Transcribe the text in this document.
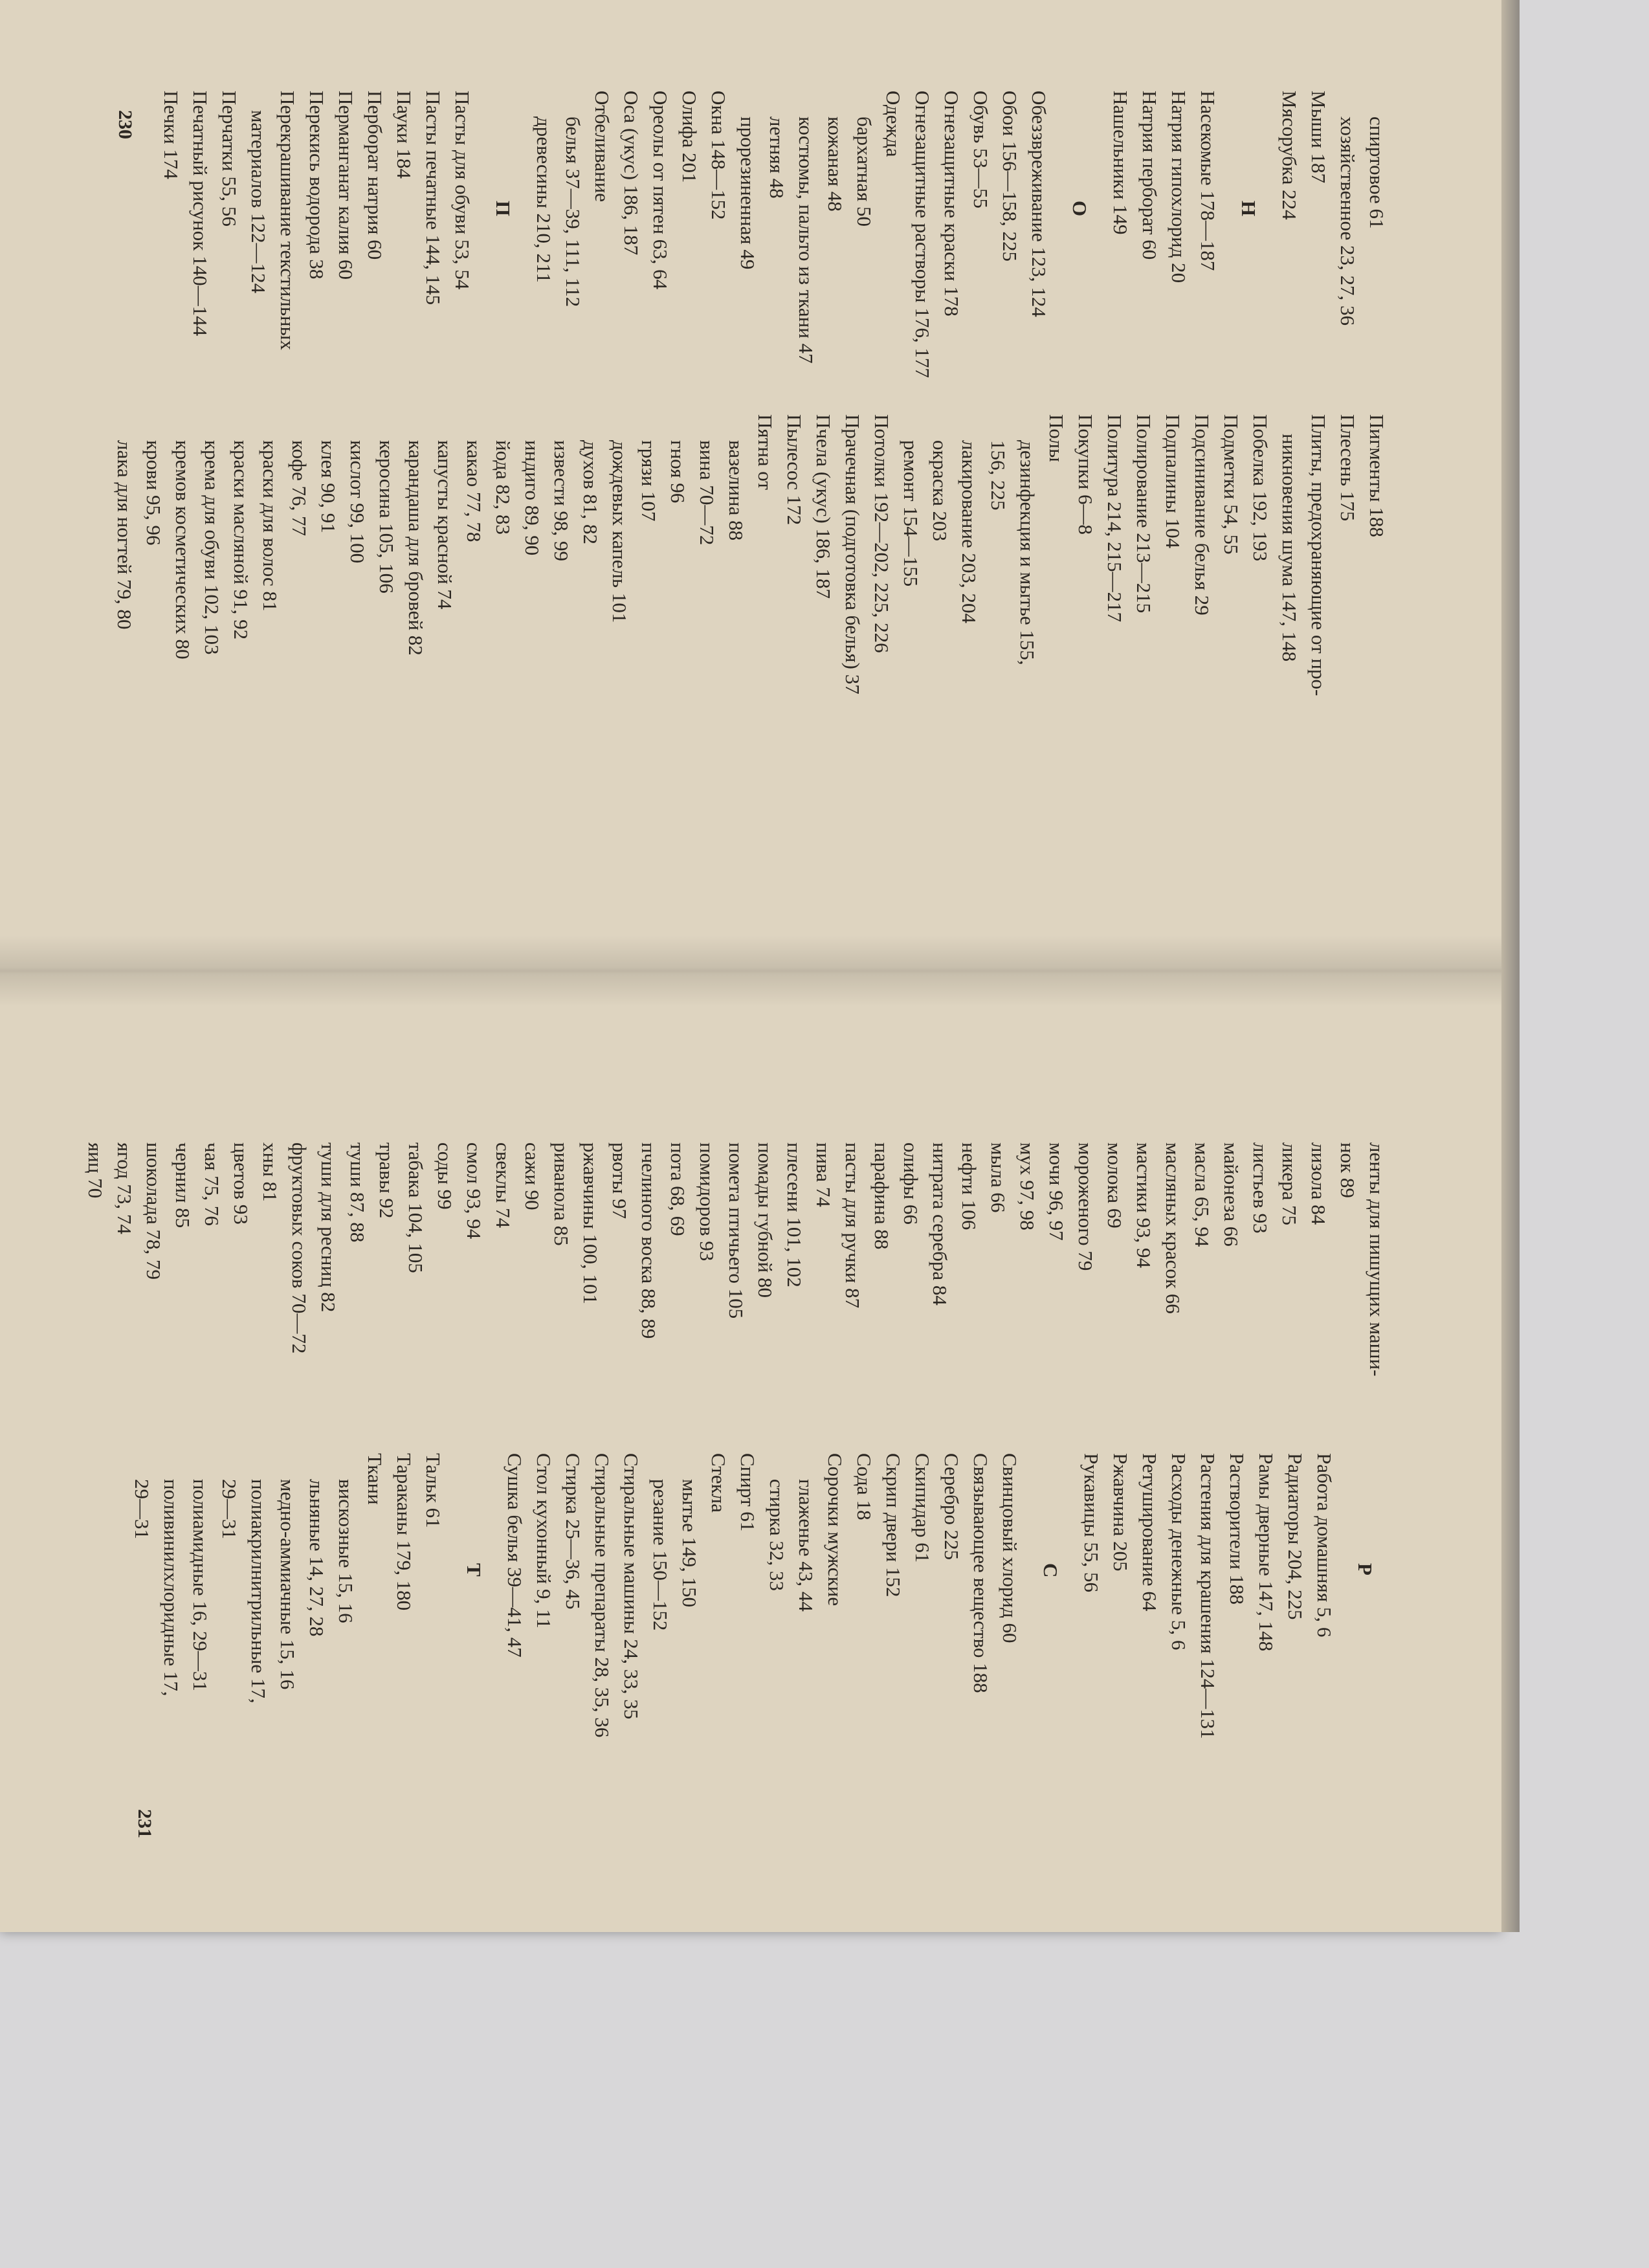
спиртовое 61
хозяйственное 23, 27, 36
Мыши 187
Мясорубка 224
Н
Насекомые 178—187
Натрия гипохлорид 20
Натрия перборат 60
Нашельники 149
О
Обеззвреживание 123, 124
Обои 156—158, 225
Обувь 53—55
Огнезащитные краски 178
Огнезащитные растворы 176, 177
Одежда
бархатная 50
кожаная 48
костюмы, пальто из ткани 47
летняя 48
прорезиненная 49
Окна 148—152
Олифа 201
Ореолы от пятен 63, 64
Оса (укус) 186, 187
Отбеливание
белья 37—39, 111, 112
древесины 210, 211
П
Пасты для обуви 53, 54
Пасты печатные 144, 145
Пауки 184
Перборат натрия 60
Перманганат калия 60
Перекись водорода 38
Перекрашивание текстильных
материалов 122—124
Перчатки 55, 56
Печатный рисунок 140—144
Печки 174
Пигменты 188
Плесень 175
Плиты, предохраняющие от про-
никновения шума 147, 148
Побелка 192, 193
Подметки 54, 55
Подсинивание белья 29
Подпалины 104
Полирование 213—215
Политура 214, 215—217
Покупки 6—8
Полы
дезинфекция и мытье 155,
156, 225
лакирование 203, 204
окраска 203
ремонт 154—155
Потолки 192—202, 225, 226
Прачечная (подготовка белья) 37
Пчела (укус) 186, 187
Пылесос 172
Пятна от
вазелина 88
вина 70—72
гноя 96
грязи 107
дождевых капель 101
духов 81, 82
извести 98, 99
индиго 89, 90
йода 82, 83
какао 77, 78
капусты красной 74
карандаша для бровей 82
керосина 105, 106
кислот 99, 100
клея 90, 91
кофе 76, 77
краски для волос 81
краски масляной 91, 92
крема для обуви 102, 103
кремов косметических 80
крови 95, 96
лака для ногтей 79, 80
230
ленты для пишущих маши-
нок 89
лизола 84
ликера 75
листьев 93
майонеза 66
масла 65, 94
масляных красок 66
мастики 93, 94
молока 69
мороженого 79
мочи 96, 97
мух 97, 98
мыла 66
нефти 106
нитрата серебра 84
олифы 66
парафина 88
пасты для ручки 87
пива 74
плесени 101, 102
помады губной 80
помета птичьего 105
помидоров 93
пота 68, 69
пчелиного воска 88, 89
рвоты 97
ржавчины 100, 101
риванола 85
сажи 90
свеклы 74
смол 93, 94
соды 99
табака 104, 105
травы 92
туши 87, 88
туши для ресниц 82
фруктовых соков 70—72
хны 81
цветов 93
чая 75, 76
чернил 85
шоколада 78, 79
ягод 73, 74
яиц 70
Р
Работа домашняя 5, 6
Радиаторы 204, 225
Рамы дверные 147, 148
Растворители 188
Растения для крашения 124—131
Расходы денежные 5, 6
Ретуширование 64
Ржавчина 205
Рукавицы 55, 56
С
Свинцовый хлорид 60
Связывающее вещество 188
Серебро 225
Скипидар 61
Скрип двери 152
Сода 18
Сорочки мужские
глаженье 43, 44
стирка 32, 33
Спирт 61
Стекла
мытье 149, 150
резание 150—152
Стиральные машины 24, 33, 35
Стиральные препараты 28, 35, 36
Стирка 25—36, 45
Стол кухонный 9, 11
Сушка белья 39—41, 47
Т
Тальк 61
Тараканы 179, 180
Ткани
вискозные 15, 16
льняные 14, 27, 28
медно-аммиачные 15, 16
полиакрилнитрильные 17,
29—31
полиамидные 16, 29—31
поливинилхлоридные 17,
29—31
231
